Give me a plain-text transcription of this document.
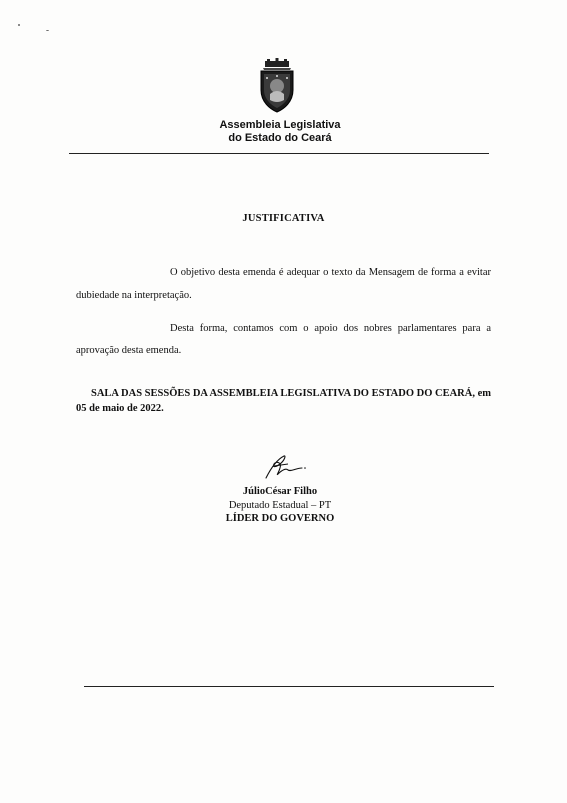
Assembleia Legislativa
do Estado do Ceará
JUSTIFICATIVA
O objetivo desta emenda é adequar o texto da Mensagem de forma a evitar
dubiedade na interpretação.
Desta forma, contamos com o apoio dos nobres parlamentares para a
aprovação desta emenda.
SALA DAS SESSÕES DA ASSEMBLEIA LEGISLATIVA DO ESTADO DO CEARÁ, em
05 de maio de 2022.
JúlioCésar Filho
Deputado Estadual – PT
LÍDER DO GOVERNO
